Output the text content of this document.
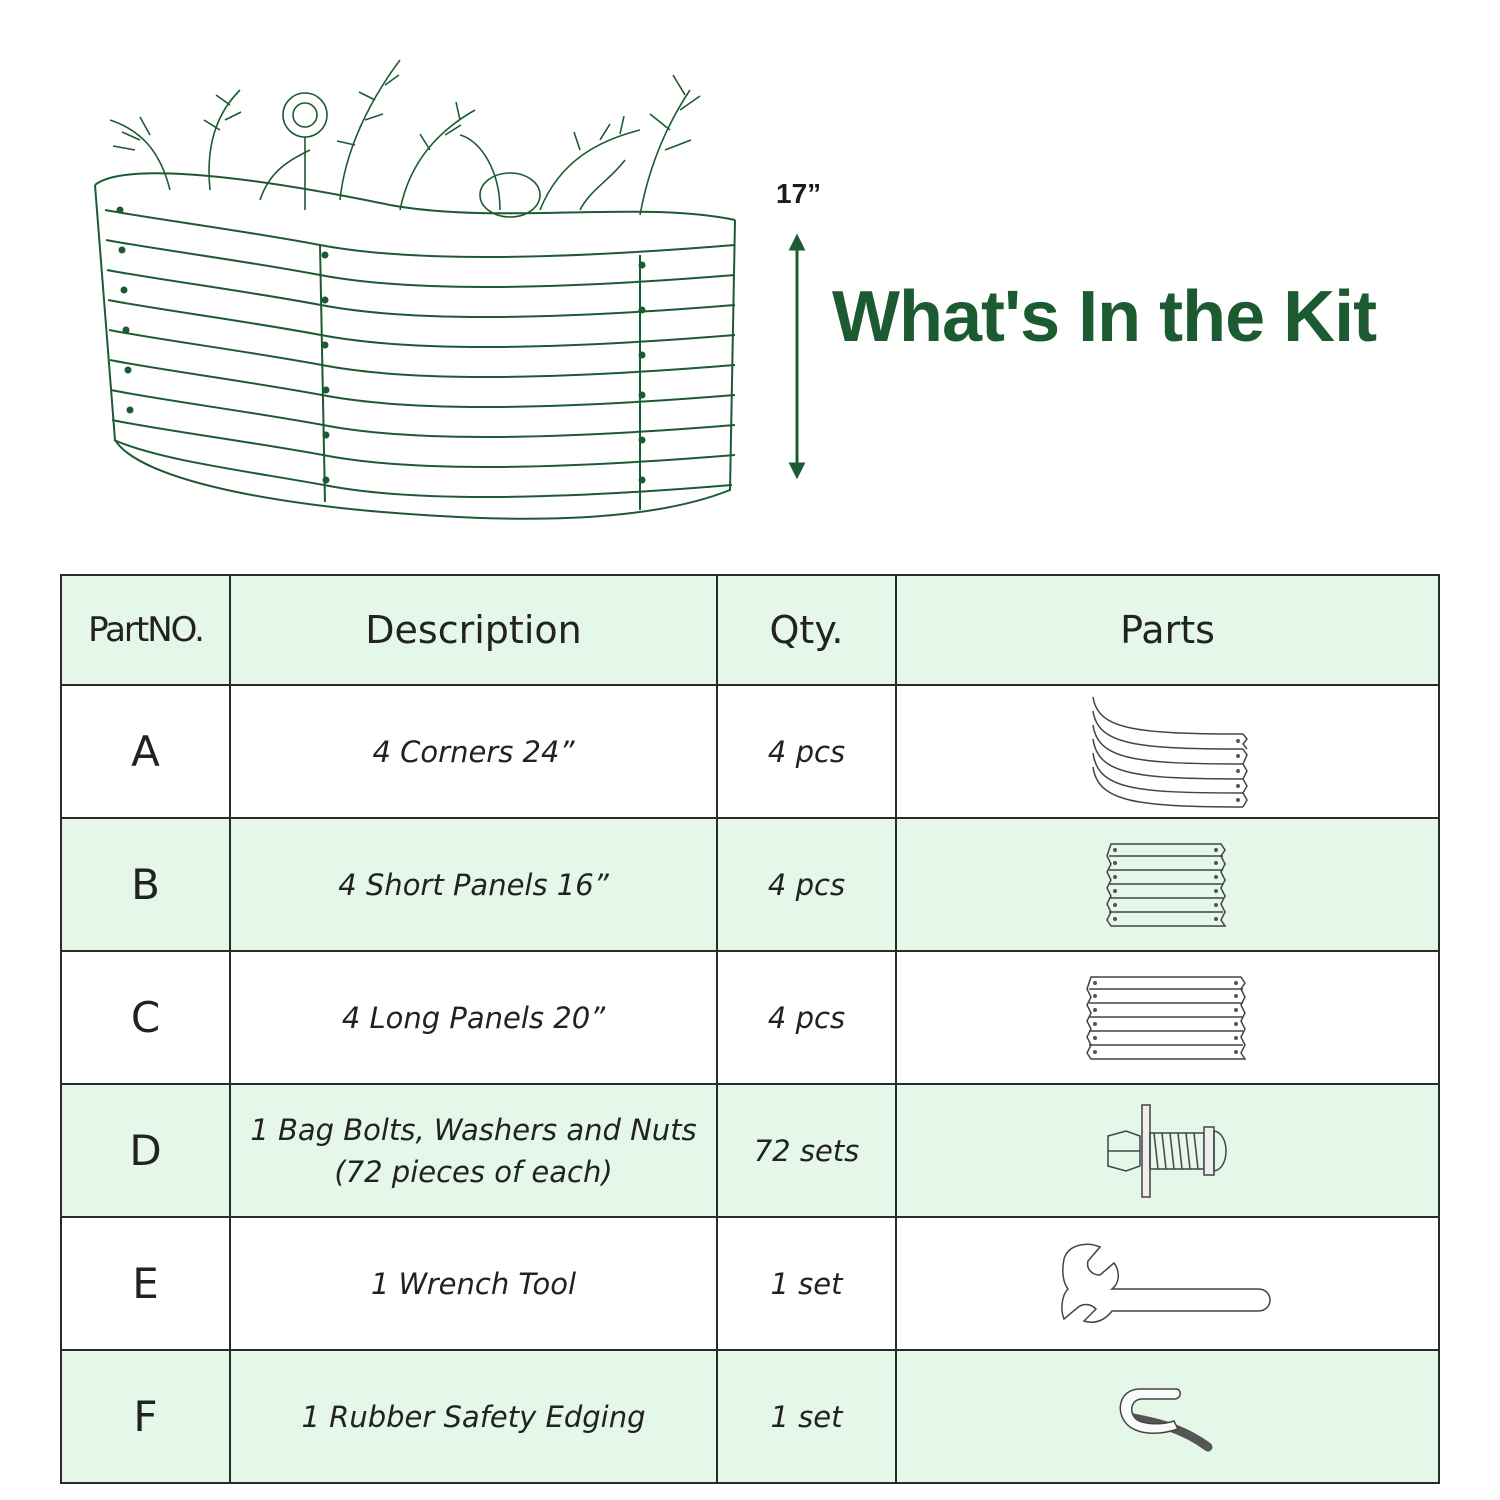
17”
What's In the Kit
PartNO.	Description	Qty.	Parts
A	4 Corners 24”	4 pcs	

B	4 Short Panels 16”	4 pcs	

C	4 Long Panels 20”	4 pcs	

D	1 Bag Bolts, Washers and Nuts
(72 pieces of each)	72 sets	

E	1 Wrench Tool	1 set	

F	1 Rubber Safety Edging	1 set	
